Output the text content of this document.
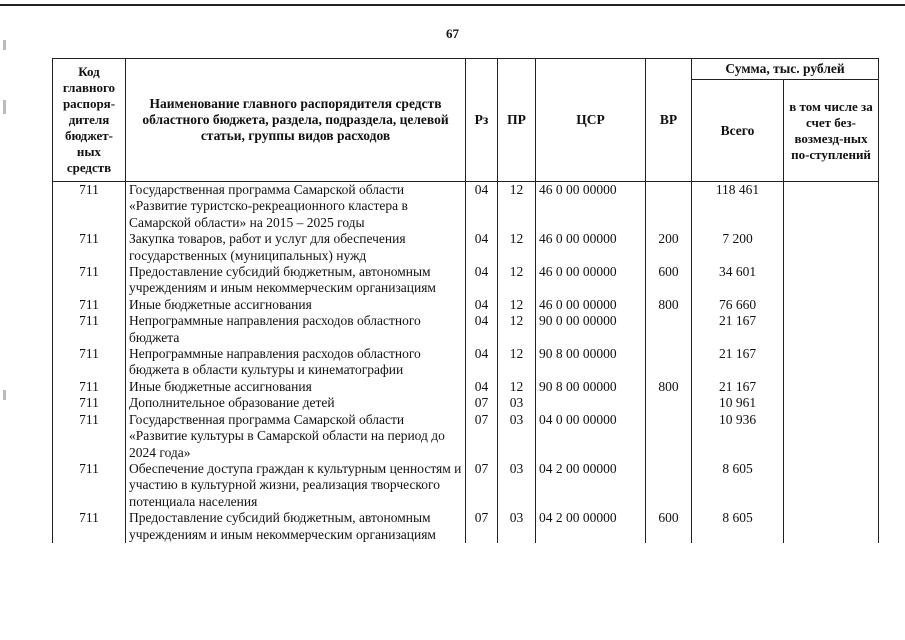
67
Код главного распоря-дителя бюджет-ных средств	Наименование главного распорядителя средств областного бюджета, раздела, подраздела, целевой статьи, группы видов расходов	Рз	ПР	ЦСР	ВР	Сумма, тыс. рублей	
						Всего	в том числе за счет без-возмезд-ных по-ступлений
711	Государственная программа Самарской области «Развитие туристско-рекреационного кластера в Самарской области» на 2015 – 2025 годы	04	12	46 0 00 00000		118 461	
711	Закупка товаров, работ и услуг для обеспечения государственных (муниципальных) нужд	04	12	46 0 00 00000	200	7 200	
711	Предоставление субсидий бюджетным, автономным учреждениям и иным некоммерческим организациям	04	12	46 0 00 00000	600	34 601	
711	Иные бюджетные ассигнования	04	12	46 0 00 00000	800	76 660	
711	Непрограммные направления расходов областного бюджета	04	12	90 0 00 00000		21 167	
711	Непрограммные направления расходов областного бюджета в области культуры и кинематографии	04	12	90 8 00 00000		21 167	
711	Иные бюджетные ассигнования	04	12	90 8 00 00000	800	21 167	
711	Дополнительное образование детей	07	03			10 961	
711	Государственная программа Самарской области «Развитие культуры в Самарской области на период до 2024 года»	07	03	04 0 00 00000		10 936	
711	Обеспечение доступа граждан к культурным ценностям и участию в культурной жизни, реализация творческого потенциала населения	07	03	04 2 00 00000		8 605	
711	Предоставление субсидий бюджетным, автономным учреждениям и иным некоммерческим организациям	07	03	04 2 00 00000	600	8 605	
